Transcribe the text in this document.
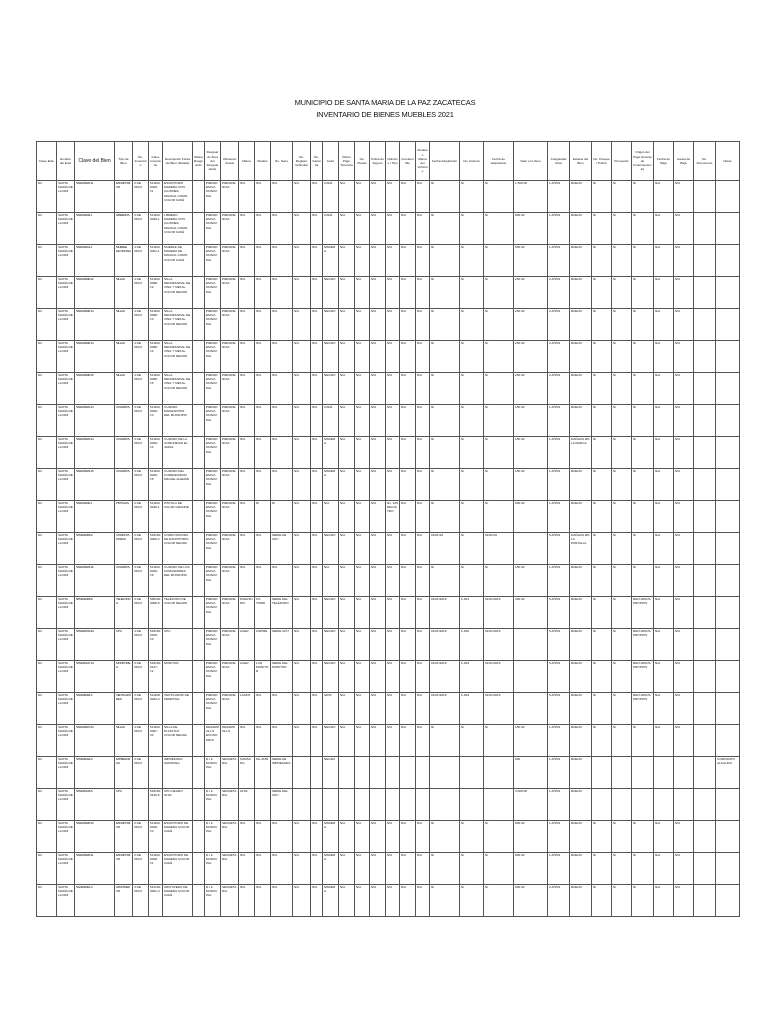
MUNICIPIO DE SANTA MARIA DE LA PAZ ZACATECAS
INVENTARIO DE BIENES MUEBLES 2021
Clave Ente	Nombre del Ente	Clave del Bien	Tipo de Bien	No. Inventario	Clave Inventario	Descripción Física del Bien (Detalle)	Status Resguardo	Resguardo Área del Resguardante	Ubicación Actual	Marca	Modelo	No. Serie	No. Registro Vehicular	No. Garantía	Color	Último Pago Tenencia	No. Placas	Póliza de Seguro	Cilindros / Tipo	Combustible	Modelo o Marca del Vehículo	Fecha Adquisición	No. Factura	Fecha de Adquisición	Valor en Libros	Antigüedad Años	Estatus del Bien	No. Cheque / Póliza	Proveedor	Origen del Pago (Fuente de Financiamiento)	Fecha de Baja	Causa de Baja	No. Documento	Notas
D2	SANTA MARIA DE LA PAZ	5111000026-11	ESCRITORIOS	4 DE OFICI	5111000026-11	ESCRITORIO MADERA CON CAJONES, MANUAL COMO, COLOR CAFÉ		PRESIDENCIA MUNICIPAL	PRESIDENCIA	N/A	N/A	N/A	N/A	N/A	CAFÉ	N/A	N/A	N/A	N/A	N/A	N/A	N/	N/	N/	1,500.00	1 AÑOS	BUENO	N/	N/	N/	N/A	N/A		
D2	SANTA MARIA DE LA PAZ	5111000039-1	LIBREROS	4 DE OFICI	5111000039-1	LIBRERO MADERA CON CAJONES, MANUAL COMO, COLOR CAFÉ		PRESIDENCIA MUNICIPAL	PRESIDENCIA	N/A	N/A	N/A	N/A	N/A	CAFÉ	N/A	N/A	N/A	N/A	N/A	N/A	N/	N/	N/	800.00	1 AÑOS	BUENO	N/	N/	N/	N/A	N/A		
D2	SANTA MARIA DE LA PAZ	5111000001-1	MUEBLE DE OFICINA	4 DE OFICI	5111000001-1	MUEBLE DE MADERA DE MANUAL COMO, COLOR CAFÉ		PRESIDENCIA MUNICIPAL	PRESIDENCIA	N/A	N/A	N/A	N/A	N/A	MADERA	N/A	N/A	N/A	N/A	N/A	N/A	N/	N/	N/	500.00	1 AÑOS	BUENO	N/	N/	N/	N/A	N/A		
D2	SANTA MARIA DE LA PAZ	5111000098-12	SILLAS	4 DE OFICI	5111000098-12	SILLA SECRETARIAL DE VINIL Y METAL, COLOR NEGRO		PRESIDENCIA MUNICIPAL	PRESIDENCIA	N/A	N/A	N/A	N/A	N/A	NEGRO	N/A	N/A	N/A	N/A	N/A	N/A	N/	N/	N/	250.00	2 AÑOS	BUENO	N/	N/	N/	N/A	N/A		
D2	SANTA MARIA DE LA PAZ	5111000098-13	SILLAS	4 DE OFICI	5111000098-13	SILLA SECRETARIAL DE VINIL Y METAL, COLOR NEGRO		PRESIDENCIA MUNICIPAL	PRESIDENCIA	N/A	N/A	N/A	N/A	N/A	NEGRO	N/A	N/A	N/A	N/A	N/A	N/A	N/	N/	N/	250.00	2 AÑOS	BUENO	N/	N/	N/	N/A	N/A		
D2	SANTA MARIA DE LA PAZ	5111000098-14	SILLAS	4 DE OFICI	5111000098-14	SILLA SECRETARIAL DE VINIL Y METAL, COLOR NEGRO		PRESIDENCIA MUNICIPAL	PRESIDENCIA	N/A	N/A	N/A	N/A	N/A	NEGRO	N/A	N/A	N/A	N/A	N/A	N/A	N/	N/	N/	250.00	2 AÑOS	BUENO	N/	N/	N/	N/A	N/A		
D2	SANTA MARIA DE LA PAZ	5111000098-15	SILLAS	4 DE OFICI	5111000098-15	SILLA SECRETARIAL DE VINIL Y METAL, COLOR NEGRO		PRESIDENCIA MUNICIPAL	PRESIDENCIA	N/A	N/A	N/A	N/A	N/A	NEGRO	N/A	N/A	N/A	N/A	N/A	N/A	N/	N/	N/	250.00	2 AÑOS	BUENO	N/	N/	N/	N/A	N/A		
D2	SANTA MARIA DE LA PAZ	5111000029-13	CUADROS	4 DE OFICI	5111000029-13	CUADRO MARGARITAS DEL MUNICIPIO		PRESIDENCIA MUNICIPAL	PRESIDENCIA	N/A	N/A	N/A	N/A	N/A	CAFÉ	N/A	N/A	N/A	N/A	N/A	N/A	N/	N/	N/	150.00	1 AÑOS	BUENO	N/	N/	N/	N/A	N/A		
D2	SANTA MARIA DE LA PAZ	5111000029-14	CUADROS	4 DE OFICI	5111000029-14	CUADRO DE LA COMUNIDAD EL JARAL		PRESIDENCIA MUNICIPAL	PRESIDENCIA	N/A	N/A	N/A	N/A	N/A	MADERA	N/A	N/A	N/A	N/A	N/A	N/A	N/	N/	N/	150.00	1 AÑOS	DAÑADO EN LA MARCA	N/	N/	N/	N/A	N/A		
D2	SANTA MARIA DE LA PAZ	5111000029-15	CUADROS	4 DE OFICI	5111000029-15	CUADRO DEL COMENDADOR MIGUEL ALEMÁN		PRESIDENCIA MUNICIPAL	PRESIDENCIA	N/A	N/A	N/A	N/A	N/A	MADERA	N/A	N/A	N/A	N/A	N/A	N/A	N/	N/	N/	150.00	1 AÑOS	BUENO	N/	N/	N/	N/A	N/A		
D2	SANTA MARIA DE LA PAZ	5111000046-1	PISTOLAS	4 DE OFICI	5111000046-1	PISTOLA DE CALOR GRANDE		PRESIDENCIA MUNICIPAL	PRESIDENCIA	N/A	N/	N/	N/A	N/A	N/A	N/A	N/A	N/A	No. SIN REGISTRO	N/A	N/A	N/	N/	N/	600.00	1 AÑOS	BUENO	N/	N/	N/	N/A	N/A		
D2	SANTA MARIA DE LA PAZ	5151000066-2	COMPUTADORAS	4 DE OFICI	5151000066-2	COMPUTADORA DE ESCRITORIO COLOR NEGRA		PRESIDENCIA MUNICIPAL	PRESIDENCIA	N/A	N/A	SERIE DE CPU	N/A	N/A	NEGRO	N/A	N/A	N/A	N/A	N/A	N/A	01/01/16	N/	01/01/16		5 AÑOS	DAÑADO EN LA PANTALLA	N/	N/	N/	N/A	N/A		
D2	SANTA MARIA DE LA PAZ	5111000029-16	CUADROS	4 DE OFICI	5111000029-16	CUADRO DE LOS FUNDADORES DEL MUNICIPIO		PRESIDENCIA MUNICIPAL	PRESIDENCIA	N/A	N/A	N/A	N/A	N/A	N/A	N/A	N/A	N/A	N/A	N/A	N/A	N/	N/	N/	150.00	1 AÑOS	BUENO	N/	N/	N/	N/A	N/A		
D2	SANTA MARIA DE LA PAZ	5651000008-6	TELEFONOS	4 DE OFICI	5651000008-6	TELÉFONO DE COLOR NEGRO		PRESIDENCIA MUNICIPAL	PRESIDENCIA	PANASONIC	KX-TS500	SERIE DEL TELÉFONO	N/A	N/A	NEGRO	N/A	N/A	N/A	N/A	N/A	N/A	01/01/2016	F-001	01/01/2016	300.00	5 AÑOS	BUENO	N/	N/	RECURSOS PROPIOS	N/A	N/A		
D2	SANTA MARIA DE LA PAZ	5151000150-10	CPU	4 DE OFICI	5151000150-10	CPU		PRESIDENCIA MUNICIPAL	PRESIDENCIA	ACER	ASPIRE	SERIE CPU	N/A	N/A	NEGRO	N/A	N/A	N/A	N/A	N/A	N/A	01/01/2016	F-002	01/01/2016		5 AÑOS	BUENO	N/	N/	RECURSOS PROPIOS	N/A	N/A		
D2	SANTA MARIA DE LA PAZ	5151000127-12	MONITORES	4 DE OFICI	5151000127-12	MONITOR		PRESIDENCIA MUNICIPAL	PRESIDENCIA	ACER	LCD MONITOR	SERIE DEL MONITOR	N/A	N/A	NEGRO	N/A	N/A	N/A	N/A	N/A	N/A	01/01/2016	F-003	01/01/2016		5 AÑOS	BUENO	N/	N/	RECURSOS PROPIOS	N/A	N/A		
D2	SANTA MARIA DE LA PAZ	5112000003-4	VENTILADORES	4 DE OFICI	5112000003-4	VENTILADOR DE PEDESTAL		PRESIDENCIA MUNICIPAL	PRESIDENCIA	LASKO	N/A	N/A	N/A	N/A	GRIS	N/A	N/A	N/A	N/A	N/A	N/A	01/01/2016	F-004	01/01/2016		5 AÑOS	BUENO	N/	N/	RECURSOS PROPIOS	N/A	N/A		
D2	SANTA MARIA DE LA PAZ	5111000097-23	SILLAS	4 DE OFICI	5111000097-23	SILLA DE PLASTICO COLOR NEGRA		DESARROLLO ECONOMICO	DESARROLLO	N/A	N/A	N/A	N/A	N/A	NEGRO	N/A	N/A	N/A	N/A	N/A	N/A	N/	N/	N/	150.00	1 AÑOS	BUENO	N/	N/	N/	N/A	N/A		
D2	SANTA MARIA DE LA PAZ	5151000042-3	IMPRESORAS	4 DE OFICI		IMPRESORA SAMSUNG		D.I.F. MUNICIPAL	SECRETARIA	SAMSUNG	ML-2165	SERIE DE IMPRESORA			NEGRA										600	1 AÑOS	BUENO							COMODATO ALCALDIA
D2	SANTA MARIA DE LA PAZ	5151000126-5	CPU		5151000126-5	CPU NEGRO GHIA		D.I.F. MUNICIPAL	SECRETARIA	GHIA		SERIE DEL CPU													3,028.00	1 AÑOS	BUENO							
D2	SANTA MARIA DE LA PAZ	5111000028-10	ESCRITORIOS	4 DE OFICI	5111000028-10	ESCRITORIO DE MADERA COLOR CAFÉ		D.I.F. MUNICIPAL	SECRETARIA	N/A	N/A	N/A	N/A	N/A	MADERA	N/A	N/A	N/A	N/A	N/A	N/A	N/	N/	N/	800.00	1 AÑOS	BUENO	N/	N/	N/	N/A	N/A		
D2	SANTA MARIA DE LA PAZ	5111000028-11	ESCRITORIOS	4 DE OFICI	5111000028-11	ESCRITORIO DE MADERA COLOR CAFÉ		D.I.F. MUNICIPAL	SECRETARIA	N/A	N/A	N/A	N/A	N/A	MADERA	N/A	N/A	N/A	N/A	N/A	N/A	N/	N/	N/	800.00	1 AÑOS	BUENO	N/	N/	N/	N/A	N/A		
D2	SANTA MARIA DE LA PAZ	5121000001-4	ARCHIVEROS	4 DE OFICI	5121000001-4	ARCHIVERO DE MADERA COLOR CAFÉ		D.I.F. MUNICIPAL	SECRETARIA	N/A	N/A	N/A	N/A	N/A	MADERA	N/A	N/A	N/A	N/A	N/A	N/A	N/	N/	N/	600.00	2 AÑOS	BUENO	N/	N/	N/	N/A	N/A		
